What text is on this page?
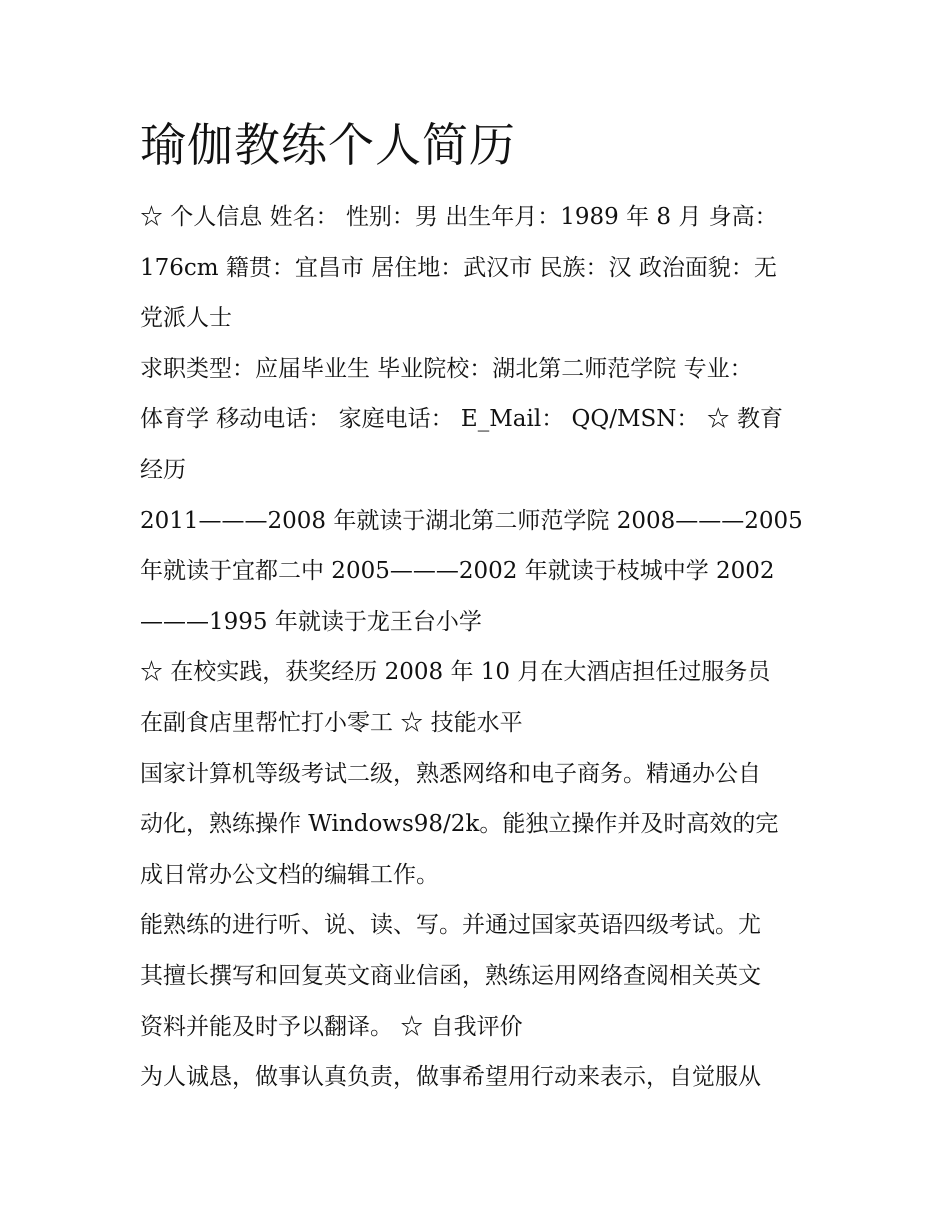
瑜伽教练个人简历

☆ 个人信息 姓名： 性别：男 出生年月：1989 年 8 月 身高：
176cm 籍贯：宜昌市 居住地：武汉市 民族：汉 政治面貌：无
党派人士

求职类型：应届毕业生 毕业院校：湖北第二师范学院 专业：
体育学 移动电话： 家庭电话： E_Mail： QQ/MSN： ☆ 教育
经历

2011———2008 年就读于湖北第二师范学院 2008———2005
年就读于宜都二中 2005———2002 年就读于枝城中学 2002
———1995 年就读于龙王台小学

☆ 在校实践，获奖经历 2008 年 10 月在大酒店担任过服务员
在副食店里帮忙打小零工 ☆ 技能水平

国家计算机等级考试二级，熟悉网络和电子商务。精通办公自
动化，熟练操作 Windows98/2k。能独立操作并及时高效的完
成日常办公文档的编辑工作。

能熟练的进行听、说、读、写。并通过国家英语四级考试。尤
其擅长撰写和回复英文商业信函，熟练运用网络查阅相关英文
资料并能及时予以翻译。 ☆ 自我评价

为人诚恳，做事认真负责，做事希望用行动来表示，自觉服从
